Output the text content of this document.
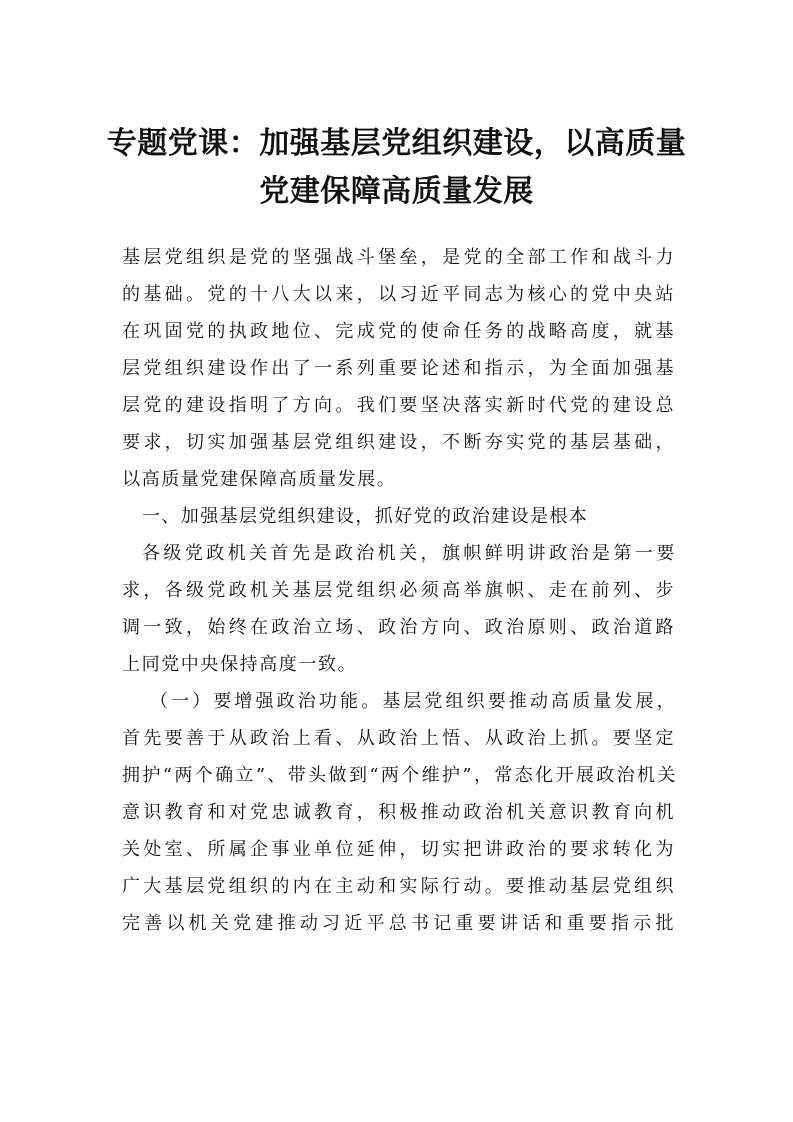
专题党课：加强基层党组织建设，以高质量
党建保障高质量发展
基层党组织是党的坚强战斗堡垒，是党的全部工作和战斗力
的基础。党的十八大以来，以习近平同志为核心的党中央站
在巩固党的执政地位、完成党的使命任务的战略高度，就基
层党组织建设作出了一系列重要论述和指示，为全面加强基
层党的建设指明了方向。我们要坚决落实新时代党的建设总
要求，切实加强基层党组织建设，不断夯实党的基层基础，
以高质量党建保障高质量发展。
一、加强基层党组织建设，抓好党的政治建设是根本
各级党政机关首先是政治机关，旗帜鲜明讲政治是第一要
求，各级党政机关基层党组织必须高举旗帜、走在前列、步
调一致，始终在政治立场、政治方向、政治原则、政治道路
上同党中央保持高度一致。
（一）要增强政治功能。基层党组织要推动高质量发展，
首先要善于从政治上看、从政治上悟、从政治上抓。要坚定
拥护“两个确立”、带头做到“两个维护”，常态化开展政治机关
意识教育和对党忠诚教育，积极推动政治机关意识教育向机
关处室、所属企事业单位延伸，切实把讲政治的要求转化为
广大基层党组织的内在主动和实际行动。要推动基层党组织
完善以机关党建推动习近平总书记重要讲话和重要指示批
